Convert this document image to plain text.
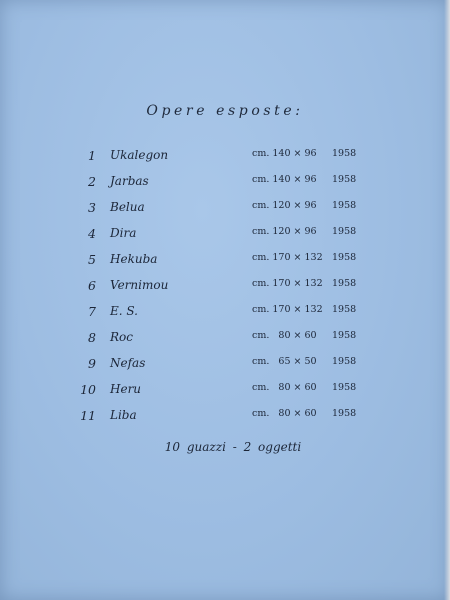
Opere esposte:
1 Ukalegon	cm. 140 × 96 1958
2 Jarbas	cm. 140 × 96 1958
3 Belua	cm. 120 × 96 1958
4 Dira	cm. 120 × 96 1958
5 Hekuba	cm. 170 × 132 1958
6 Vernimou	cm. 170 × 132 1958
7 E. S.	cm. 170 × 132 1958
8 Roc	cm.   80 × 60 1958
9 Nefas	cm.   65 × 50 1958
10 Heru	cm.   80 × 60 1958
11 Liba	cm.   80 × 60 1958
10 guazzi - 2 oggetti
